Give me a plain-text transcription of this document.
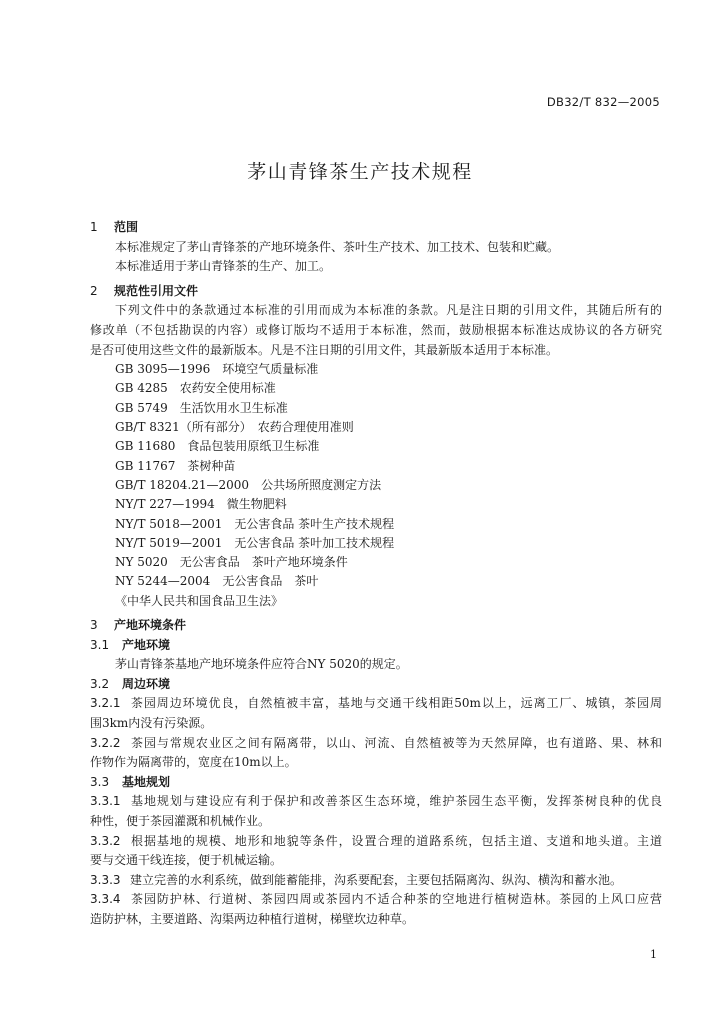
DB32/T 832—2005
茅山青锋茶生产技术规程
1 范围
本标准规定了茅山青锋茶的产地环境条件、茶叶生产技术、加工技术、包装和贮藏。
本标准适用于茅山青锋茶的生产、加工。
2 规范性引用文件
下列文件中的条款通过本标准的引用而成为本标准的条款。凡是注日期的引用文件，其随后所有的
修改单（不包括勘误的内容）或修订版均不适用于本标准，然而，鼓励根据本标准达成协议的各方研究
是否可使用这些文件的最新版本。凡是不注日期的引用文件，其最新版本适用于本标准。
GB 3095—1996　环境空气质量标准
GB 4285　农药安全使用标准
GB 5749　生活饮用水卫生标准
GB/T 8321（所有部分）　农药合理使用准则
GB 11680　食品包装用原纸卫生标准
GB 11767　茶树种苗
GB/T 18204.21—2000　公共场所照度测定方法
NY/T 227—1994　微生物肥料
NY/T 5018—2001　无公害食品 茶叶生产技术规程
NY/T 5019—2001　无公害食品 茶叶加工技术规程
NY 5020　无公害食品　茶叶产地环境条件
NY 5244—2004　无公害食品　茶叶
《中华人民共和国食品卫生法》
3 产地环境条件
3.1 产地环境
茅山青锋茶基地产地环境条件应符合NY 5020的规定。
3.2 周边环境
3.2.1 茶园周边环境优良，自然植被丰富，基地与交通干线相距50m以上，远离工厂、城镇，茶园周
围3km内没有污染源。
3.2.2 茶园与常规农业区之间有隔离带，以山、河流、自然植被等为天然屏障，也有道路、果、林和
作物作为隔离带的，宽度在10m以上。
3.3 基地规划
3.3.1 基地规划与建设应有利于保护和改善茶区生态环境，维护茶园生态平衡，发挥茶树良种的优良
种性，便于茶园灌溉和机械作业。
3.3.2 根据基地的规模、地形和地貌等条件，设置合理的道路系统，包括主道、支道和地头道。主道
要与交通干线连接，便于机械运输。
3.3.3 建立完善的水利系统，做到能蓄能排，沟系要配套，主要包括隔离沟、纵沟、横沟和蓄水池。
3.3.4 茶园防护林、行道树、茶园四周或茶园内不适合种茶的空地进行植树造林。茶园的上风口应营
造防护林，主要道路、沟渠两边种植行道树，梯壁坎边种草。
1
